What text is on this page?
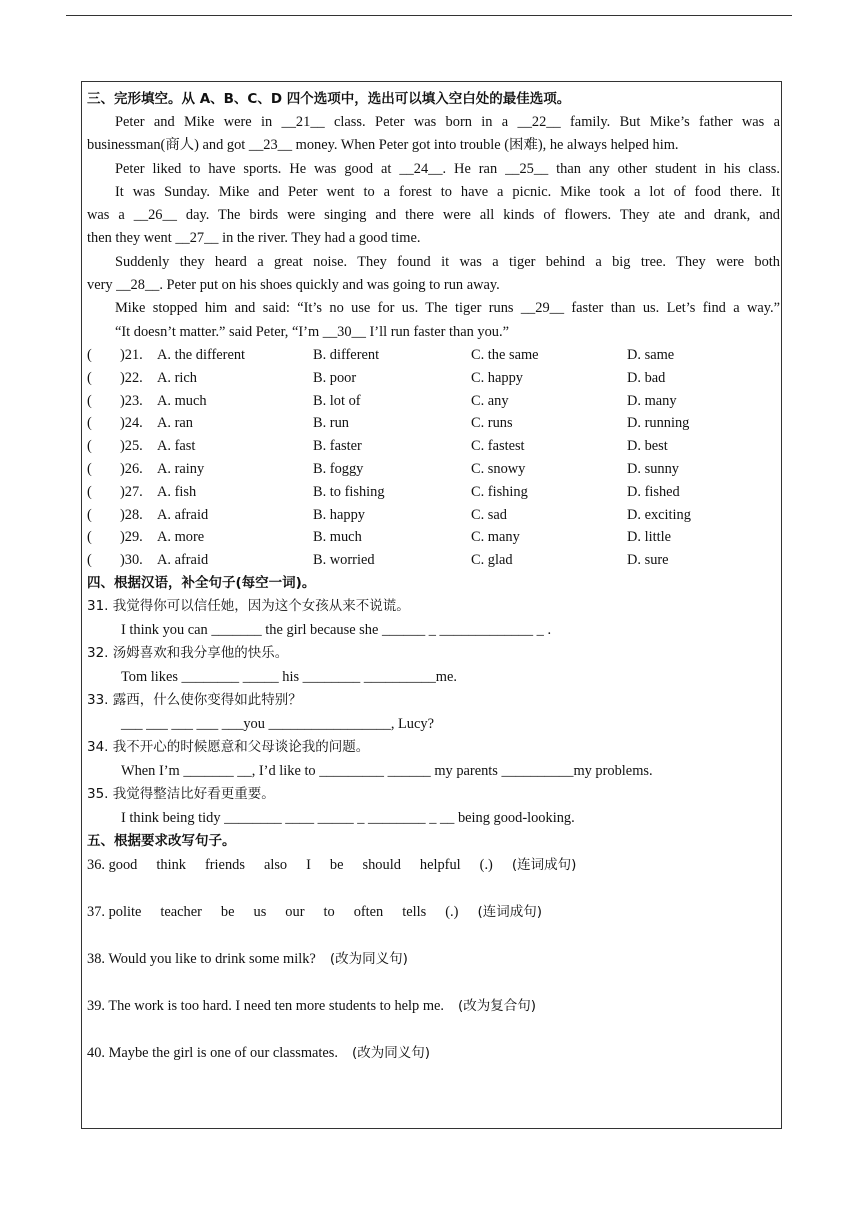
三、完形填空。从 A、B、C、D 四个选项中，选出可以填入空白处的最佳选项。
Peter and Mike were in __21__ class. Peter was born in a __22__ family. But Mike’s father was a
businessman(商人) and got __23__ money. When Peter got into trouble (困难), he always helped him.
Peter liked to have sports. He was good at __24__. He ran __25__ than any other student in his class.
It was Sunday. Mike and Peter went to a forest to have a picnic. Mike took a lot of food there. It
was a __26__ day. The birds were singing and there were all kinds of flowers. They ate and drank, and
then they went __27__ in the river. They had a good time.
Suddenly they heard a great noise. They found it was a tiger behind a big tree. They were both
very __28__. Peter put on his shoes quickly and was going to run away.
Mike stopped him and said: “It’s no use for us. The tiger runs __29__ faster than us. Let’s find a way.”
“It doesn’t matter.” said Peter, “I’m __30__ I’ll run faster than you.”
( )21. A. the different	B. different	C. the same	D. same
( )22. A. rich	B. poor	C. happy	D. bad
( )23. A. much	B. lot of	C. any	D. many
( )24. A. ran	B. run	C. runs	D. running
( )25. A. fast	B. faster	C. fastest	D. best
( )26. A. rainy	B. foggy	C. snowy	D. sunny
( )27. A. fish	B. to fishing	C. fishing	D. fished
( )28. A. afraid	B. happy	C. sad	D. exciting
( )29. A. more	B. much	C. many	D. little
( )30. A. afraid	B. worried	C. glad	D. sure
四、根据汉语，补全句子(每空一词)。
31. 我觉得你可以信任她，因为这个女孩从来不说谎。
I think you can _______ the girl because she ______ _ _____________ _ .
32. 汤姆喜欢和我分享他的快乐。
Tom likes ________ _____ his ________ __________me.
33. 露西，什么使你变得如此特别？
___ ___ ___ ___ ___you _________________, Lucy?
34. 我不开心的时候愿意和父母谈论我的问题。
When I’m _______ __, I’d like to _________ ______ my parents __________my problems.
35. 我觉得整洁比好看更重要。
I think being tidy ________ ____ _____ _ ________ _ __ being good-looking.
五、根据要求改写句子。
36. good think friends also I be should helpful (.) (连词成句)
37. polite teacher be us our to often tells (.) (连词成句)
38. Would you like to drink some milk? (改为同义句)
39. The work is too hard. I need ten more students to help me. (改为复合句)
40. Maybe the girl is one of our classmates. (改为同义句)
